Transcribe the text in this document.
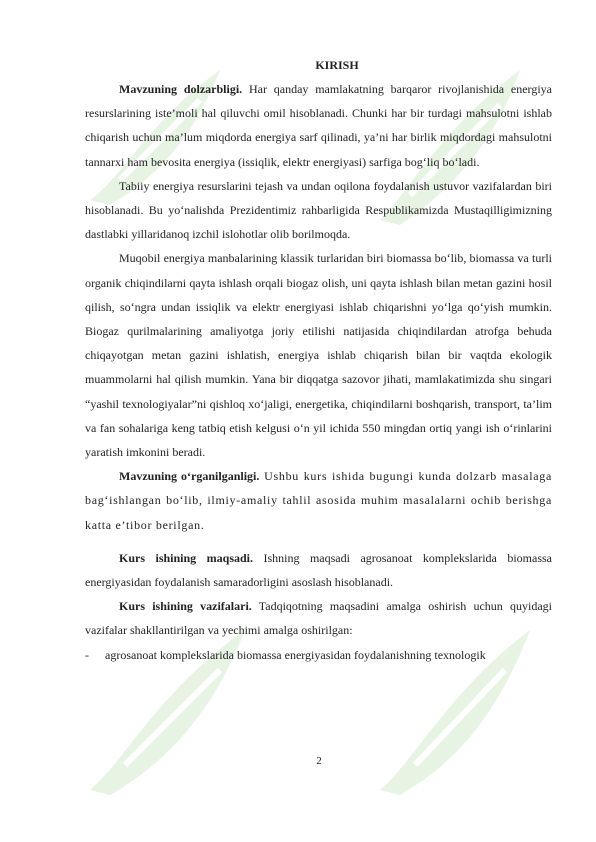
KIRISH

Mavzuning dolzarbligi. Har qanday mamlakatning barqaror rivojlanishida energiya resurslarining iste’moli hal qiluvchi omil hisoblanadi. Chunki har bir turdagi mahsulotni ishlab chiqarish uchun ma’lum miqdorda energiya sarf qilinadi, ya’ni har birlik miqdordagi mahsulotni tannarxi ham bevosita energiya (issiqlik, elektr energiyasi) sarfiga bog‘liq bo‘ladi.

Tabiiy energiya resurslarini tejash va undan oqilona foydalanish ustuvor vazifalardan biri hisoblanadi. Bu yo‘nalishda Prezidentimiz rahbarligida Respublikamizda Mustaqilligimizning dastlabki yillaridanoq izchil islohotlar olib borilmoqda.

Muqobil energiya manbalarining klassik turlaridan biri biomassa bo‘lib, biomassa va turli organik chiqindilarni qayta ishlash orqali biogaz olish, uni qayta ishlash bilan metan gazini hosil qilish, so‘ngra undan issiqlik va elektr energiyasi ishlab chiqarishni yo‘lga qo‘yish mumkin. Biogaz qurilmalarining amaliyotga joriy etilishi natijasida chiqindilardan atrofga behuda chiqayotgan metan gazini ishlatish, energiya ishlab chiqarish bilan bir vaqtda ekologik muammolarni hal qilish mumkin. Yana bir diqqatga sazovor jihati, mamlakatimizda shu singari “yashil texnologiyalar”ni qishloq xo‘jaligi, energetika, chiqindilarni boshqarish, transport, ta’lim va fan sohalariga keng tatbiq etish kelgusi o‘n yil ichida 550 mingdan ortiq yangi ish o‘rinlarini yaratish imkonini beradi.

Mavzuning o‘rganilganligi. Ushbu kurs ishida bugungi kunda dolzarb masalaga bag‘ishlangan bo‘lib, ilmiy-amaliy tahlil asosida muhim masalalarni ochib berishga katta e’tibor berilgan.

Kurs ishining maqsadi. Ishning maqsadi agrosanoat komplekslarida biomassa energiyasidan foydalanish samaradorligini asoslash hisoblanadi.

Kurs ishining vazifalari. Tadqiqotning maqsadini amalga oshirish uchun quyidagi vazifalar shakllantirilgan va yechimi amalga oshirilgan:

-	agrosanoat komplekslarida biomassa energiyasidan foydalanishning texnologik

2
